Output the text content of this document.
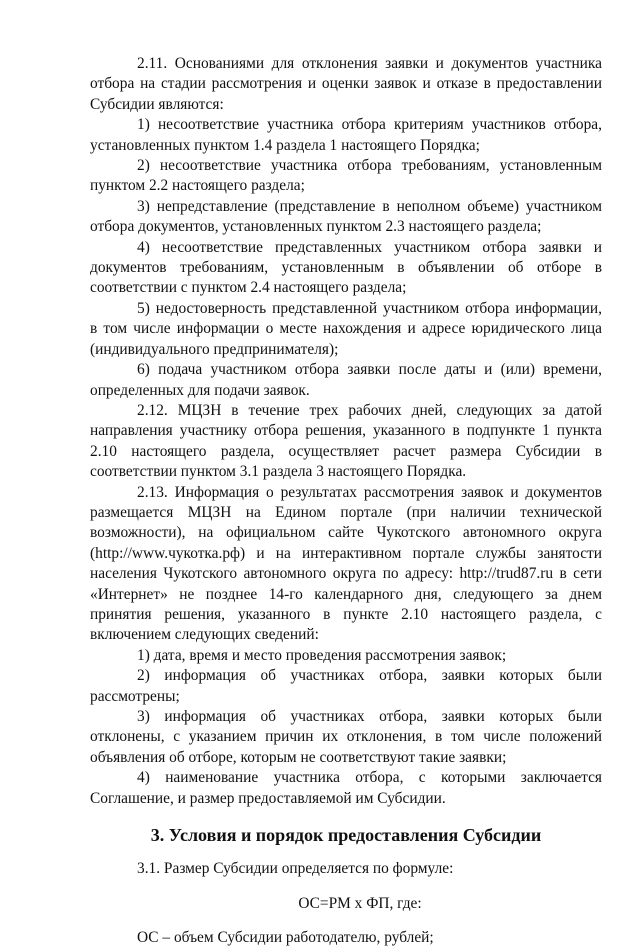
2.11. Основаниями для отклонения заявки и документов участника отбора на стадии рассмотрения и оценки заявок и отказе в предоставлении Субсидии являются:

1) несоответствие участника отбора критериям участников отбора, установленных пунктом 1.4 раздела 1 настоящего Порядка;

2) несоответствие участника отбора требованиям, установленным пунктом 2.2 настоящего раздела;

3) непредставление (представление в неполном объеме) участником отбора документов, установленных пунктом 2.3 настоящего раздела;

4) несоответствие представленных участником отбора заявки и документов требованиям, установленным в объявлении об отборе в соответствии с пунктом 2.4 настоящего раздела;

5) недостоверность представленной участником отбора информации, в том числе информации о месте нахождения и адресе юридического лица (индивидуального предпринимателя);

6) подача участником отбора заявки после даты и (или) времени, определенных для подачи заявок.

2.12. МЦЗН в течение трех рабочих дней, следующих за датой направления участнику отбора решения, указанного в подпункте 1 пункта 2.10 настоящего раздела, осуществляет расчет размера Субсидии в соответствии пунктом 3.1 раздела 3 настоящего Порядка.

2.13. Информация о результатах рассмотрения заявок и документов размещается МЦЗН на Едином портале (при наличии технической возможности), на официальном сайте Чукотского автономного округа (http://www.чукотка.рф) и на интерактивном портале службы занятости населения Чукотского автономного округа по адресу: http://trud87.ru в сети «Интернет» не позднее 14-го календарного дня, следующего за днем принятия решения, указанного в пункте 2.10 настоящего раздела, с включением следующих сведений:

1) дата, время и место проведения рассмотрения заявок;

2) информация об участниках отбора, заявки которых были рассмотрены;

3) информация об участниках отбора, заявки которых были отклонены, с указанием причин их отклонения, в том числе положений объявления об отборе, которым не соответствуют такие заявки;

4) наименование участника отбора, с которыми заключается Соглашение, и размер предоставляемой им Субсидии.

3. Условия и порядок предоставления Субсидии

3.1. Размер Субсидии определяется по формуле:

ОС=РМ х ФП, где:

ОС – объем Субсидии работодателю, рублей;
